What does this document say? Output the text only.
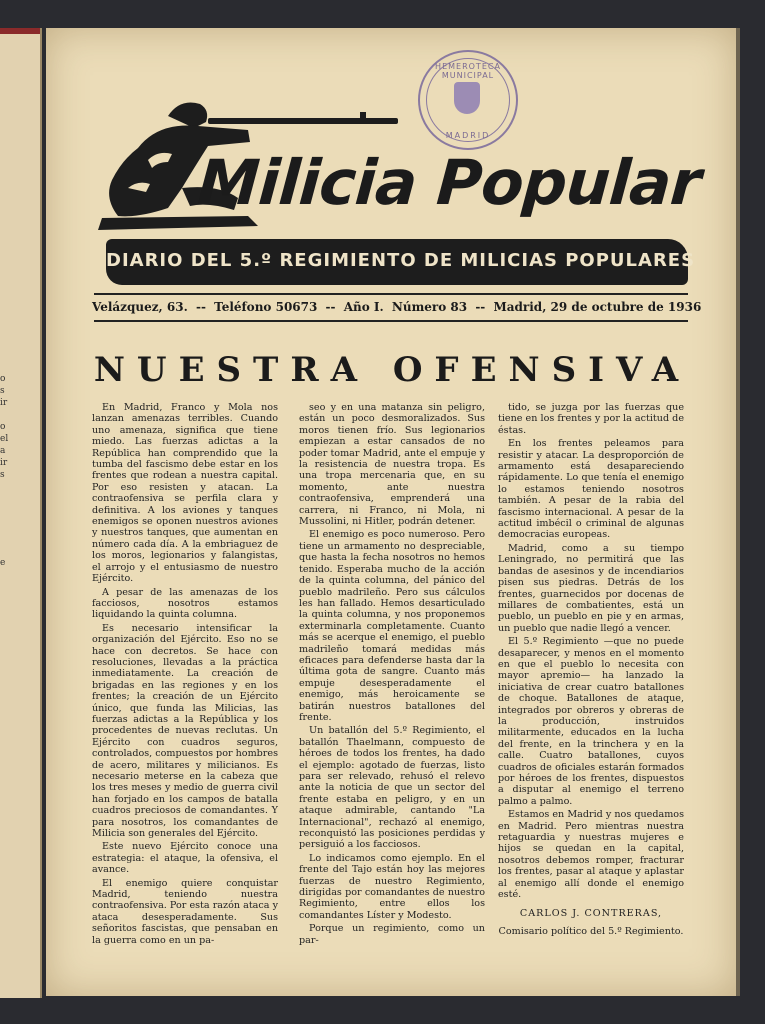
o
s
ir
o
el
a
ir
s
e
HEMEROTECA MUNICIPAL
MADRID
Milicia Popular
DIARIO DEL 5.º REGIMIENTO DE MILICIAS POPULARES
Velázquez, 63. -- Teléfono 50673 -- Año I. Número 83 -- Madrid, 29 de octubre de 1936
NUESTRA OFENSIVA

En Madrid, Franco y Mola nos lanzan amenazas terribles. Cuando uno amenaza, significa que tiene miedo. Las fuerzas adictas a la República han comprendido que la tumba del fascismo debe estar en los frentes que rodean a nuestra capital. Por eso resisten y atacan. La contraofensiva se perfila clara y definitiva. A los aviones y tanques enemigos se oponen nuestros aviones y nuestros tanques, que aumentan en número cada día. A la embriaguez de los moros, legionarios y falangistas, el arrojo y el entusiasmo de nuestro Ejército.

A pesar de las amenazas de los facciosos, nosotros estamos liquidando la quinta columna.

Es necesario intensificar la organización del Ejército. Eso no se hace con decretos. Se hace con resoluciones, llevadas a la práctica inmediatamente. La creación de brigadas en las regiones y en los frentes; la creación de un Ejército único, que funda las Milicias, las fuerzas adictas a la República y los procedentes de nuevas reclutas. Un Ejército con cuadros seguros, controlados, compuestos por hombres de acero, militares y milicianos. Es necesario meterse en la cabeza que los tres meses y medio de guerra civil han forjado en los campos de batalla cuadros preciosos de comandantes. Y para nosotros, los comandantes de Milicia son generales del Ejército.

Este nuevo Ejército conoce una estrategia: el ataque, la ofensiva, el avance.

El enemigo quiere conquistar Madrid, teniendo nuestra contraofensiva. Por esta razón ataca y ataca desesperadamente. Sus señoritos fascistas, que pensaban en la guerra como en un pa-

seo y en una matanza sin peligro, están un poco desmoralizados. Sus moros tienen frío. Sus legionarios empiezan a estar cansados de no poder tomar Madrid, ante el empuje y la resistencia de nuestra tropa. Es una tropa mercenaria que, en su momento, ante nuestra contraofensiva, emprenderá una carrera, ni Franco, ni Mola, ni Mussolini, ni Hitler, podrán detener.

El enemigo es poco numeroso. Pero tiene un armamento no despreciable, que hasta la fecha nosotros no hemos tenido. Esperaba mucho de la acción de la quinta columna, del pánico del pueblo madrileño. Pero sus cálculos les han fallado. Hemos desarticulado la quinta columna, y nos proponemos exterminarla completamente. Cuanto más se acerque el enemigo, el pueblo madrileño tomará medidas más eficaces para defenderse hasta dar la última gota de sangre. Cuanto más empuje desesperadamente el enemigo, más heroicamente se batirán nuestros batallones del frente.

Un batallón del 5.º Regimiento, el batallón Thaelmann, compuesto de héroes de todos los frentes, ha dado el ejemplo: agotado de fuerzas, listo para ser relevado, rehusó el relevo ante la noticia de que un sector del frente estaba en peligro, y en un ataque admirable, cantando "La Internacional", rechazó al enemigo, reconquistó las posiciones perdidas y persiguió a los facciosos.

Lo indicamos como ejemplo. En el frente del Tajo están hoy las mejores fuerzas de nuestro Regimiento, dirigidas por comandantes de nuestro Regimiento, entre ellos los comandantes Líster y Modesto.

Porque un regimiento, como un par-

tido, se juzga por las fuerzas que tiene en los frentes y por la actitud de éstas.

En los frentes peleamos para resistir y atacar. La desproporción de armamento está desapareciendo rápidamente. Lo que tenía el enemigo lo estamos teniendo nosotros también. A pesar de la rabia del fascismo internacional. A pesar de la actitud imbécil o criminal de algunas democracias europeas.

Madrid, como a su tiempo Leningrado, no permitirá que las bandas de asesinos y de incendiarios pisen sus piedras. Detrás de los frentes, guarnecidos por docenas de millares de combatientes, está un pueblo, un pueblo en pie y en armas, un pueblo que nadie llegó a vencer.

El 5.º Regimiento —que no puede desaparecer, y menos en el momento en que el pueblo lo necesita con mayor apremio— ha lanzado la iniciativa de crear cuatro batallones de choque. Batallones de ataque, integrados por obreros y obreras de la producción, instruidos militarmente, educados en la lucha del frente, en la trinchera y en la calle. Cuatro batallones, cuyos cuadros de oficiales estarán formados por héroes de los frentes, dispuestos a disputar al enemigo el terreno palmo a palmo.

Estamos en Madrid y nos quedamos en Madrid. Pero mientras nuestra retaguardia y nuestras mujeres e hijos se quedan en la capital, nosotros debemos romper, fracturar los frentes, pasar al ataque y aplastar al enemigo allí donde el enemigo esté.

CARLOS J. CONTRERAS,

Comisario político del 5.º Regimiento.
